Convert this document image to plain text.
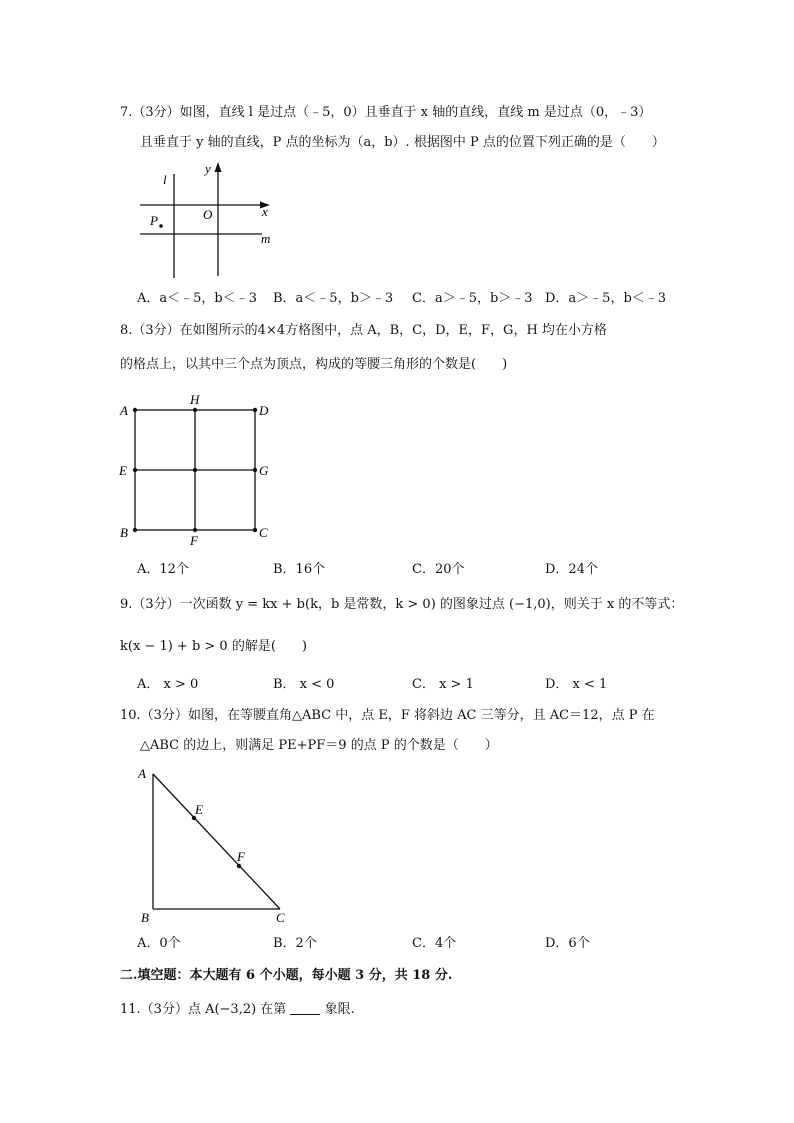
7.（3分）如图，直线 l 是过点（﹣5，0）且垂直于 x 轴的直线，直线 m 是过点（0，﹣3）
且垂直于 y 轴的直线，P 点的坐标为（a，b）. 根据图中 P 点的位置下列正确的是（　　）
l
y
O	x
P
m
A．a＜﹣5，b＜﹣3 B．a＜﹣5，b＞﹣3 C．a＞﹣5，b＞﹣3 D．a＞﹣5，b＜﹣3
8.（3分）在如图所示的4×4方格图中，点 A，B，C，D，E，F，G，H 均在小方格
的格点上，以其中三个点为顶点，构成的等腰三角形的个数是(　　)
A
H
D
E	G
B
F
C
A．12个	B．16个	C．20个	D．24个
9.（3分）一次函数 y = kx + b(k，b 是常数，k > 0) 的图象过点 (−1,0)，则关于 x 的不等式：
k(x − 1) + b > 0 的解是(　　)
A． x > 0	B． x < 0	C． x > 1	D． x < 1
10.（3分）如图，在等腰直角△ABC 中，点 E，F 将斜边 AC 三等分，且 AC＝12，点 P 在
△ABC 的边上，则满足 PE+PF＝9 的点 P 的个数是（　　）
A
E
F
B	C
A．0个	B．2个	C．4个	D．6个
二.填空题：本大题有 6 个小题，每小题 3 分，共 18 分.
11.（3分）点 A(−3,2) 在第	象限.
